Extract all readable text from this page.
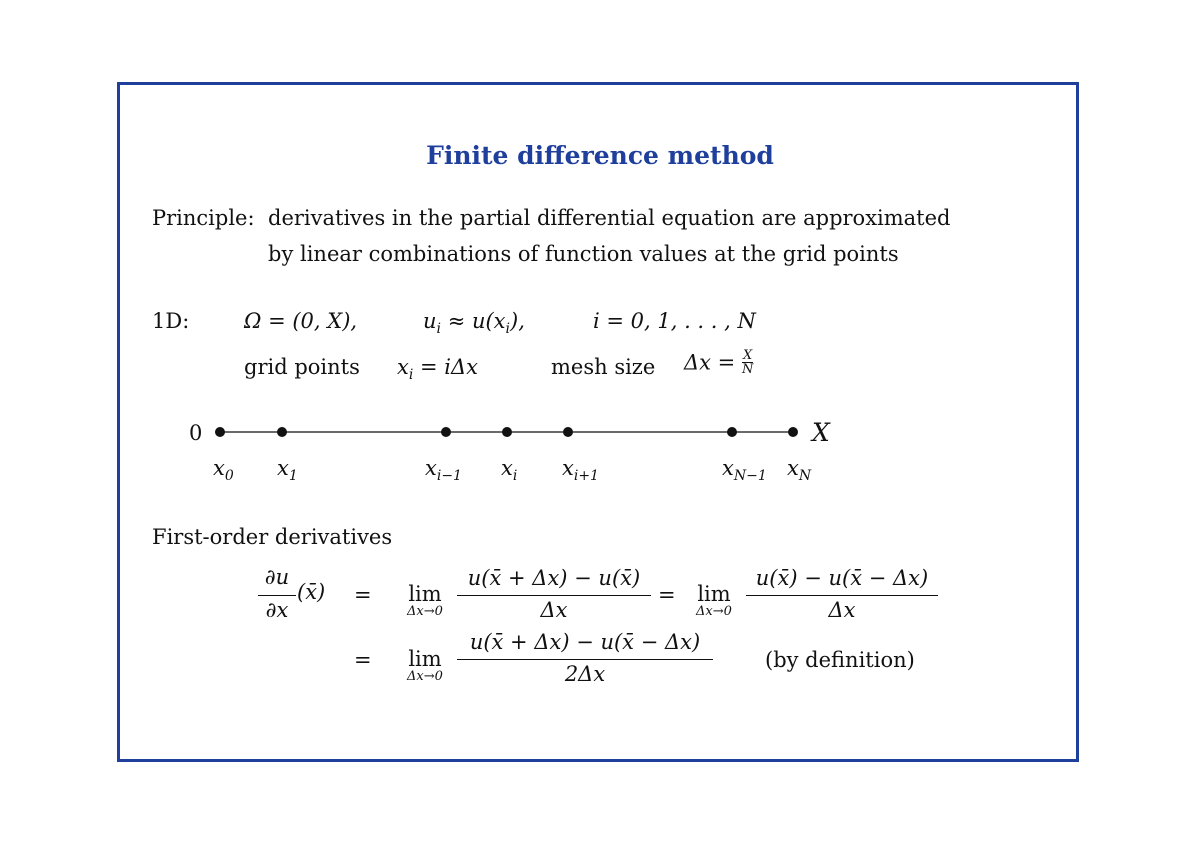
Finite difference method
Principle: derivatives in the partial differential equation are approximated
by linear combinations of function values at the grid points
1D:	Ω = (0, X),	$u_i \approx u(x_i)$,	i = 0, 1, . . . , N
grid points $x_i = i\Delta x$	mesh size $\Delta x = \frac{X}{N}$
0	X
$x_0$ $x_1$	$x_{i-1}$ $x_i$ $x_{i+1}$	$x_{N-1}$ $x_N$
First-order derivatives
∂u
∂x
(x̄) =	lim
Δx→0
u(x̄ + Δx) − u(x̄)
Δx
=	lim
Δx→0
u(x̄) − u(x̄ − Δx)
Δx
=	lim
Δx→0
u(x̄ + Δx) − u(x̄ − Δx)
2Δx
(by definition)
